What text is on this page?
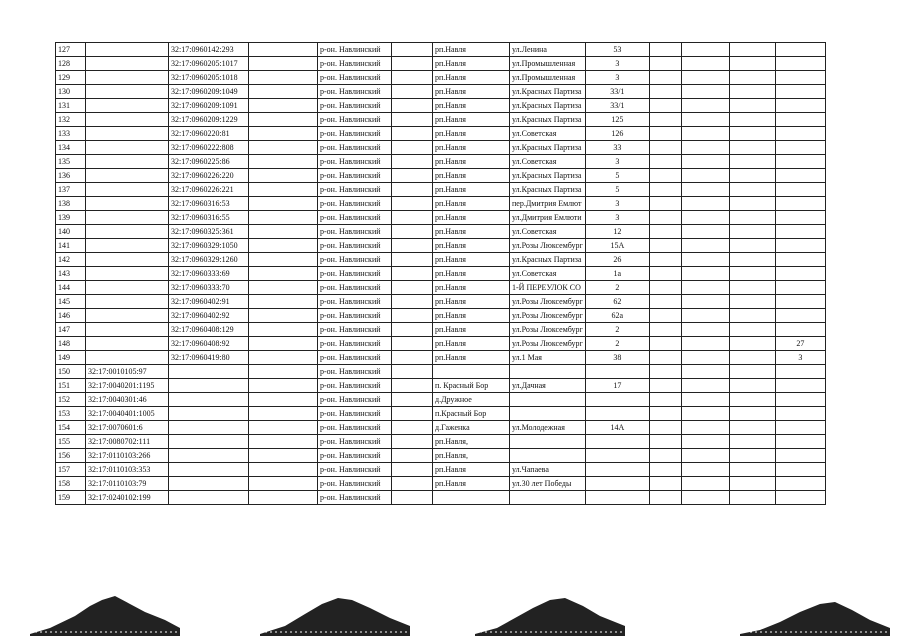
127		32:17:0960142:293		р-он. Навлинский		рп.Навля	ул.Ленина	53				
128		32:17:0960205:1017		р-он. Навлинский		рп.Навля	ул.Промышленная	3				
129		32:17:0960205:1018		р-он. Навлинский		рп.Навля	ул.Промышленная	3				
130		32:17:0960209:1049		р-он. Навлинский		рп.Навля	ул.Красных Партиза	33/1				
131		32:17:0960209:1091		р-он. Навлинский		рп.Навля	ул.Красных Партиза	33/1				
132		32:17:0960209:1229		р-он. Навлинский		рп.Навля	ул.Красных Партиза	125				
133		32:17:0960220:81		р-он. Навлинский		рп.Навля	ул.Советская	126				
134		32:17:0960222:808		р-он. Навлинский		рп.Навля	ул.Красных Партиза	33				
135		32:17:0960225:86		р-он. Навлинский		рп.Навля	ул.Советская	3				
136		32:17:0960226:220		р-он. Навлинский		рп.Навля	ул.Красных Партиза	5				
137		32:17:0960226:221		р-он. Навлинский		рп.Навля	ул.Красных Партиза	5				
138		32:17:0960316:53		р-он. Навлинский		рп.Навля	пер.Дмитрия Емлют	3				
139		32:17:0960316:55		р-он. Навлинский		рп.Навля	ул.Дмитрия Емлюти	3				
140		32:17:0960325:361		р-он. Навлинский		рп.Навля	ул.Советская	12				
141		32:17:0960329:1050		р-он. Навлинский		рп.Навля	ул.Розы Люксембург	15А				
142		32:17:0960329:1260		р-он. Навлинский		рп.Навля	ул.Красных Партиза	26				
143		32:17:0960333:69		р-он. Навлинский		рп.Навля	ул.Советская	1а				
144		32:17:0960333:70		р-он. Навлинский		рп.Навля	1-Й ПЕРЕУЛОК СО	2				
145		32:17:0960402:91		р-он. Навлинский		рп.Навля	ул.Розы Люксембург	62				
146		32:17:0960402:92		р-он. Навлинский		рп.Навля	ул.Розы Люксембург	62а				
147		32:17:0960408:129		р-он. Навлинский		рп.Навля	ул.Розы Люксембург	2				
148		32:17:0960408:92		р-он. Навлинский		рп.Навля	ул.Розы Люксембург	2				27
149		32:17:0960419:80		р-он. Навлинский		рп.Навля	ул.1 Мая	38				3
150	32:17:0010105:97			р-он. Навлинский								
151	32:17:0040201:1195			р-он. Навлинский		п. Красный Бор	ул.Дачная	17				
152	32:17:0040301:46			р-он. Навлинский		д.Дружное						
153	32:17:0040401:1005			р-он. Навлинский		п.Красный Бор						
154	32:17:0070601:6			р-он. Навлинский		д.Гаженка	ул.Молодежная	14А				
155	32:17:0080702:111			р-он. Навлинский		рп.Навля,						
156	32:17:0110103:266			р-он. Навлинский		рп.Навля,						
157	32:17:0110103:353			р-он. Навлинский		рп.Навля	ул.Чапаева					
158	32:17:0110103:79			р-он. Навлинский		рп.Навля	ул.30 лет Победы					
159	32:17:0240102:199			р-он. Навлинский								
